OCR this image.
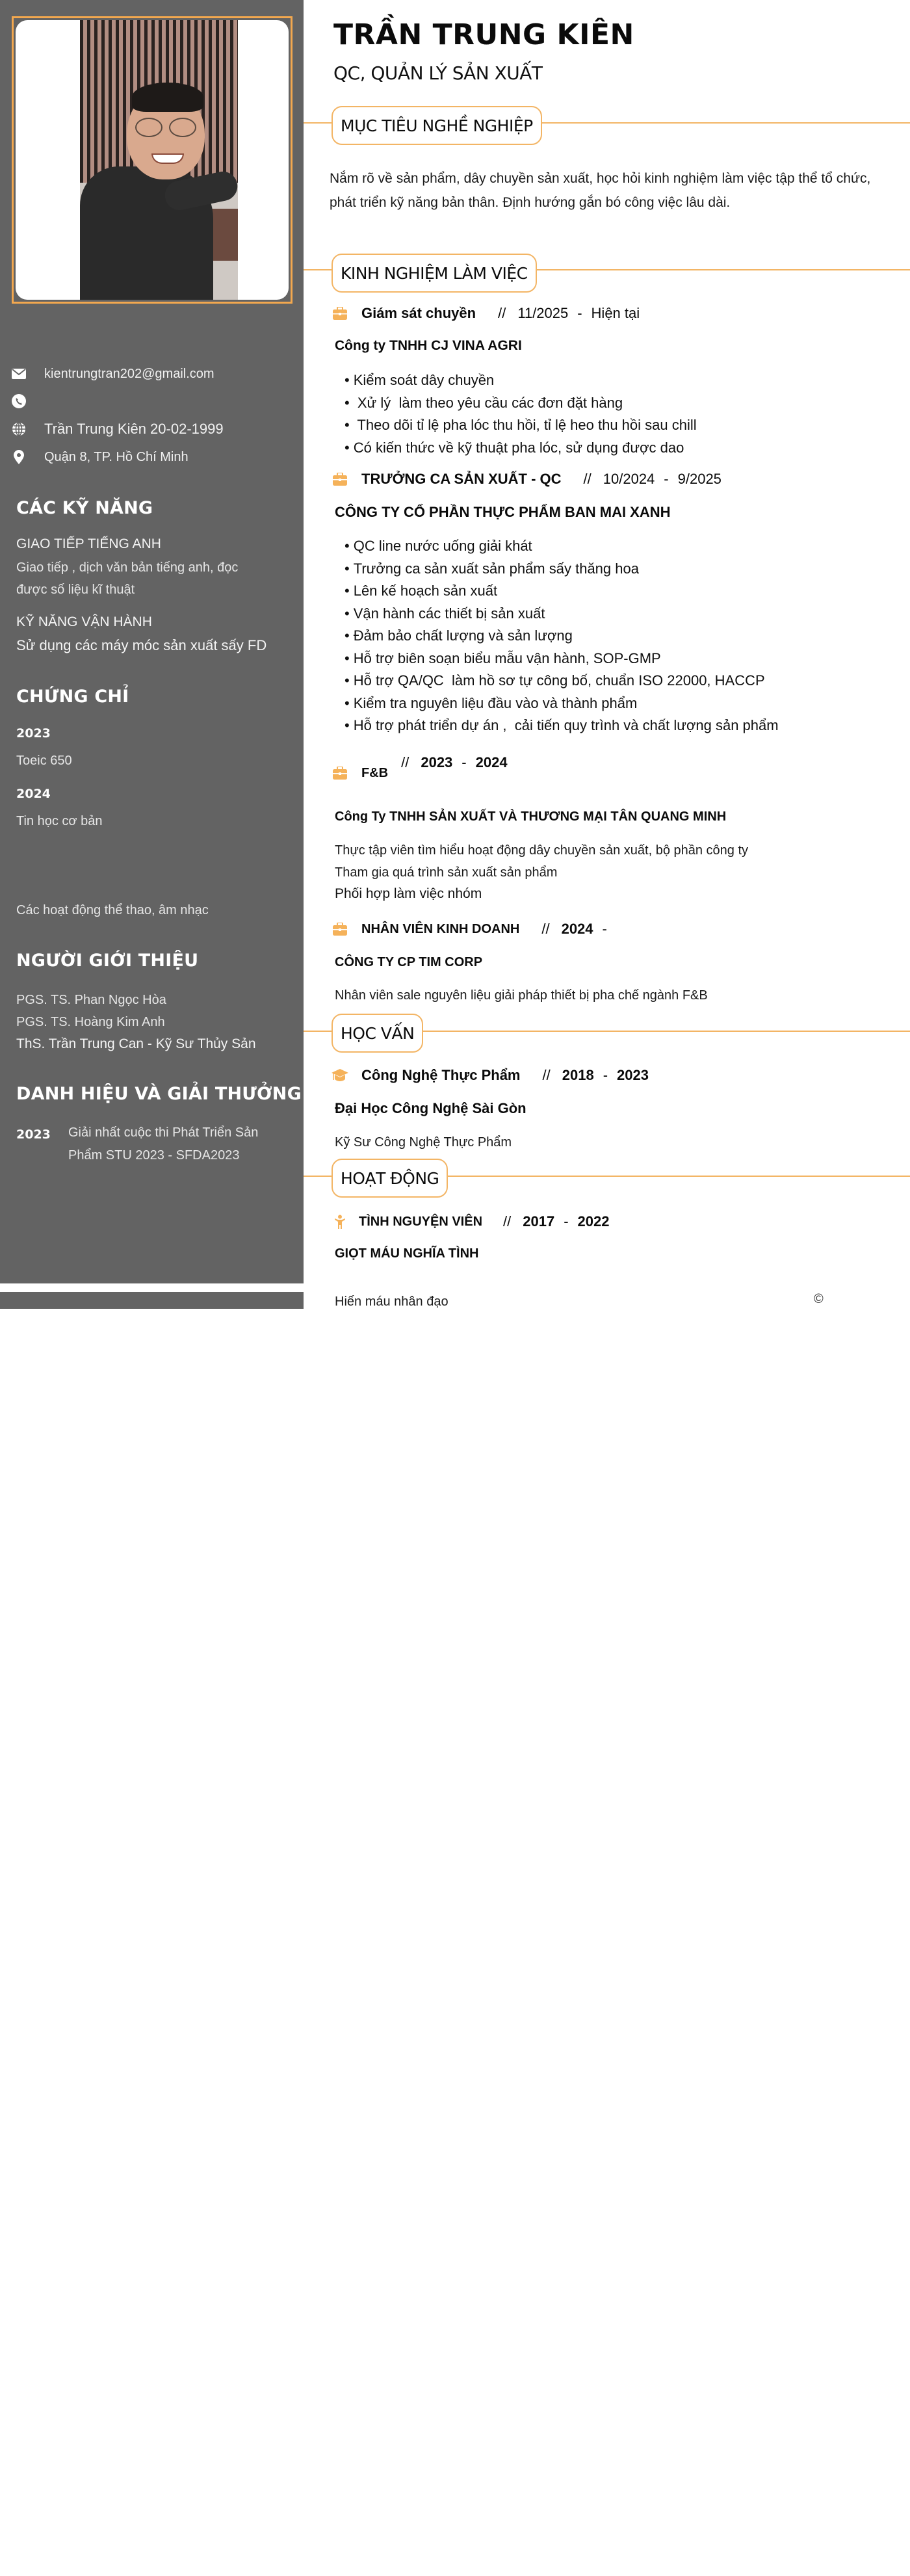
kientrungtran202@gmail.com
Trần Trung Kiên 20-02-1999
Quận 8, TP. Hồ Chí Minh
CÁC KỸ NĂNG
GIAO TIẾP TIẾNG ANH
Giao tiếp , dịch văn bản tiếng anh, đọc
được số liệu kĩ thuật
KỸ NĂNG VẬN HÀNH
Sử dụng các máy móc sản xuất sấy FD
CHỨNG CHỈ
2023
Toeic 650
2024
Tin học cơ bản
Các hoạt động thể thao, âm nhạc
NGƯỜI GIỚI THIỆU
PGS. TS. Phan Ngọc Hòa
PGS. TS. Hoàng Kim Anh
ThS. Trần Trung Can - Kỹ Sư Thủy Sản
DANH HIỆU VÀ GIẢI THƯỞNG
2023 Giải nhất cuộc thi Phát Triển Sản
Phẩm STU 2023 - SFDA2023
TRẦN TRUNG KIÊN
QC, QUẢN LÝ SẢN XUẤT
MỤC TIÊU NGHỀ NGHIỆP
Nắm rõ về sản phẩm, dây chuyền sản xuất, học hỏi kinh nghiệm làm việc tập thể tổ chức,
phát triển kỹ năng bản thân. Định hướng gắn bó công việc lâu dài.
KINH NGHIỆM LÀM VIỆC
Giám sát chuyền // 11/2025 - Hiện tại
Công ty TNHH CJ VINA AGRI
• Kiểm soát dây chuyền
•  Xử lý  làm theo yêu cầu các đơn đặt hàng
•  Theo dõi tỉ lệ pha lóc thu hồi, tỉ lệ heo thu hồi sau chill
• Có kiến thức về kỹ thuật pha lóc, sử dụng được dao
TRƯỞNG CA SẢN XUẤT - QC // 10/2024 - 9/2025
CÔNG TY CỔ PHẦN THỰC PHẨM BAN MAI XANH
• QC line nước uống giải khát
• Trưởng ca sản xuất sản phẩm sấy thăng hoa
• Lên kế hoạch sản xuất
• Vận hành các thiết bị sản xuất
• Đảm bảo chất lượng và sản lượng
• Hỗ trợ biên soạn biểu mẫu vận hành, SOP-GMP
• Hỗ trợ QA/QC  làm hồ sơ tự công bố, chuẩn ISO 22000, HACCP
• Kiểm tra nguyên liệu đầu vào và thành phẩm
• Hỗ trợ phát triển dự án ,  cải tiến quy trình và chất lượng sản phẩm
F&B
// 2023 - 2024
Công Ty TNHH SẢN XUẤT VÀ THƯƠNG MẠI TÂN QUANG MINH
Thực tập viên tìm hiểu hoạt động dây chuyền sản xuất, bộ phần công ty
Tham gia quá trình sản xuất sản phẩm
Phối hợp làm việc nhóm
NHÂN VIÊN KINH DOANH // 2024 -
CÔNG TY CP TIM CORP
Nhân viên sale nguyên liệu giải pháp thiết bị pha chế ngành F&B
HỌC VẤN
Công Nghệ Thực Phẩm // 2018 - 2023
Đại Học Công Nghệ Sài Gòn
Kỹ Sư Công Nghệ Thực Phẩm
HOẠT ĐỘNG
TÌNH NGUYỆN VIÊN // 2017 - 2022
GIỌT MÁU NGHĨA TÌNH
Hiến máu nhân đạo	©
